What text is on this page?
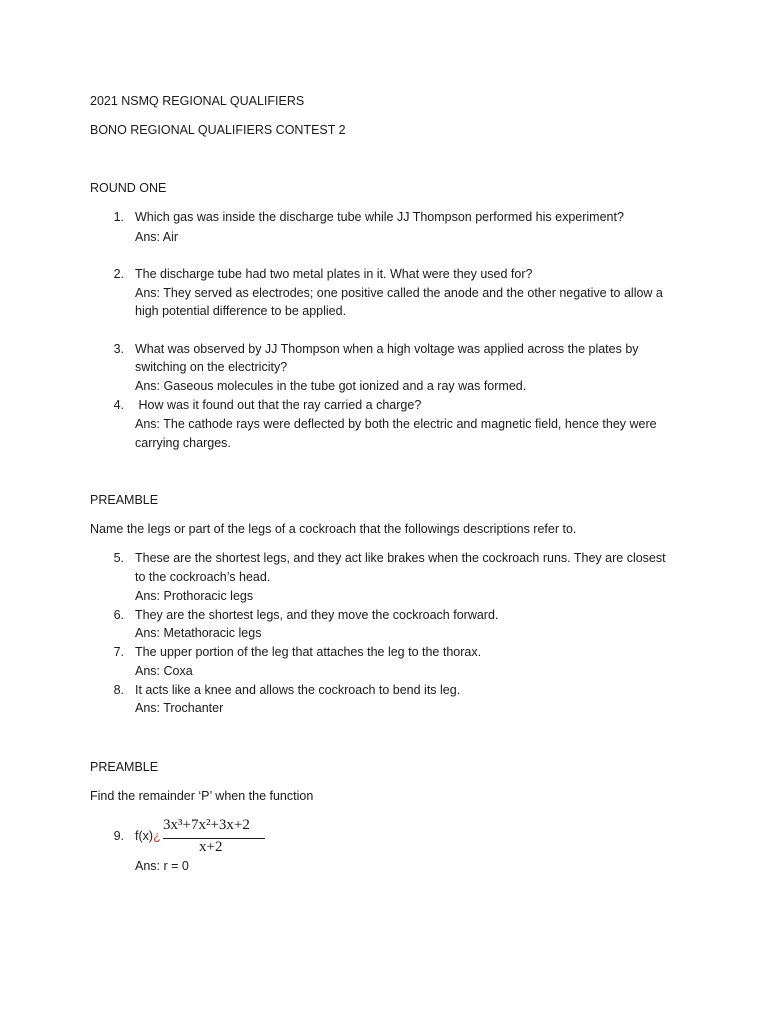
2021 NSMQ REGIONAL QUALIFIERS
BONO REGIONAL QUALIFIERS CONTEST 2
ROUND ONE
1. Which gas was inside the discharge tube while JJ Thompson performed his experiment?
Ans: Air
2. The discharge tube had two metal plates in it. What were they used for?
Ans: They served as electrodes; one positive called the anode and the other negative to allow a
high potential difference to be applied.
3. What was observed by JJ Thompson when a high voltage was applied across the plates by
switching on the electricity?
Ans: Gaseous molecules in the tube got ionized and a ray was formed.
4. How was it found out that the ray carried a charge?
Ans: The cathode rays were deflected by both the electric and magnetic field, hence they were
carrying charges.
PREAMBLE
Name the legs or part of the legs of a cockroach that the followings descriptions refer to.
5. These are the shortest legs, and they act like brakes when the cockroach runs. They are closest
to the cockroach’s head.
Ans: Prothoracic legs
6. They are the shortest legs, and they move the cockroach forward.
Ans: Metathoracic legs
7. The upper portion of the leg that attaches the leg to the thorax.
Ans: Coxa
8. It acts like a knee and allows the cockroach to bend its leg.
Ans: Trochanter
PREAMBLE
Find the remainder ‘P’ when the function
9. f(x)¿
3x³+7x²+3x+2
x+2
Ans: r = 0
